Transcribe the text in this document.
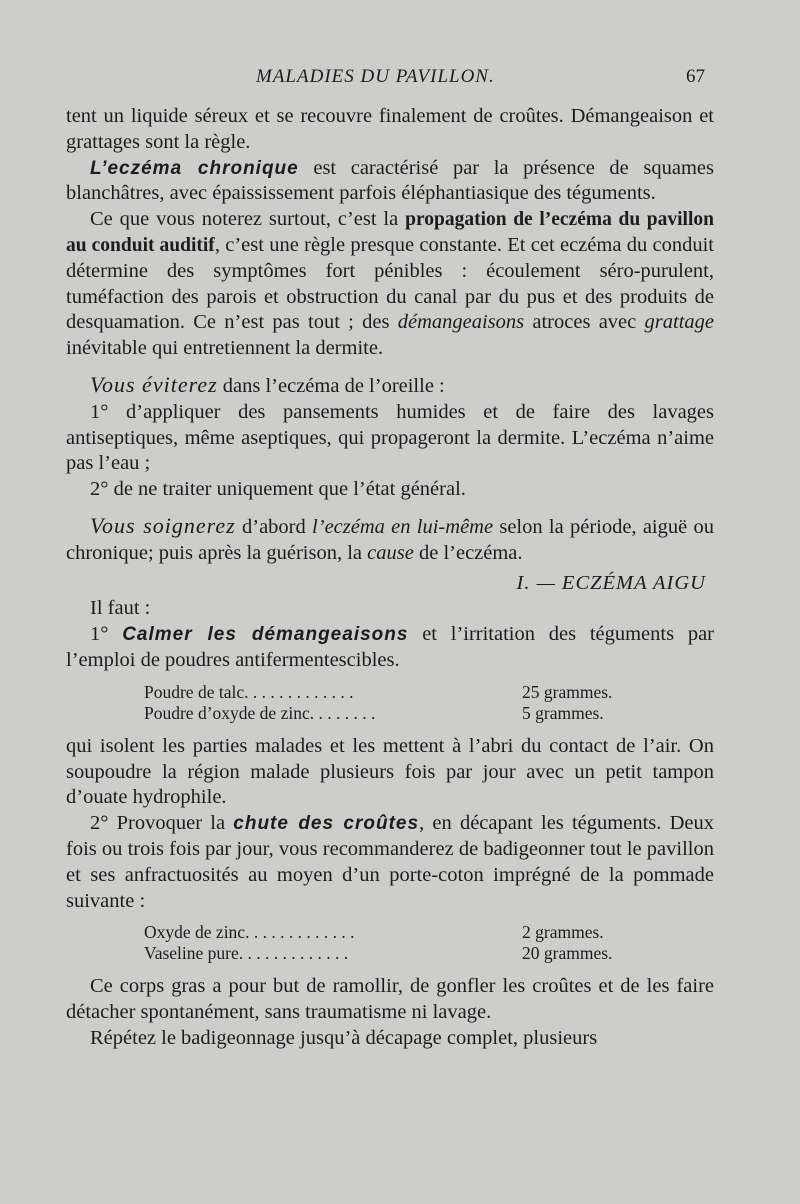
MALADIES DU PAVILLON.	67

tent un liquide séreux et se recouvre finalement de croûtes. Démangeaison et grattages sont la règle.

L’eczéma chronique est caractérisé par la présence de squames blanchâtres, avec épaississement parfois éléphantiasique des téguments.

Ce que vous noterez surtout, c’est la propagation de l’eczéma du pavillon au conduit auditif, c’est une règle presque constante. Et cet eczéma du conduit détermine des symptômes fort pénibles : écoulement séro-purulent, tuméfaction des parois et obstruction du canal par du pus et des produits de desquamation. Ce n’est pas tout ; des démangeaisons atroces avec grattage inévitable qui entretiennent la dermite.

Vous éviterez dans l’eczéma de l’oreille :

1° d’appliquer des pansements humides et de faire des lavages antiseptiques, même aseptiques, qui propageront la dermite. L’eczéma n’aime pas l’eau ;

2° de ne traiter uniquement que l’état général.

Vous soignerez d’abord l’eczéma en lui-même selon la période, aiguë ou chronique; puis après la guérison, la cause de l’eczéma.

I. — ECZÉMA AIGU

Il faut :

1° Calmer les démangeaisons et l’irritation des téguments par l’emploi de poudres antifermentescibles.

Poudre de talc. . . . . . . . . . . . .	25 grammes.
Poudre d’oxyde de zinc. . . . . . . .	5 grammes.

qui isolent les parties malades et les mettent à l’abri du contact de l’air. On soupoudre la région malade plusieurs fois par jour avec un petit tampon d’ouate hydrophile.

2° Provoquer la chute des croûtes, en décapant les téguments. Deux fois ou trois fois par jour, vous recommanderez de badigeonner tout le pavillon et ses anfractuosités au moyen d’un porte-coton imprégné de la pommade suivante :

Oxyde de zinc. . . . . . . . . . . . .	2 grammes.
Vaseline pure. . . . . . . . . . . . .	20 grammes.

Ce corps gras a pour but de ramollir, de gonfler les croûtes et de les faire détacher spontanément, sans traumatisme ni lavage.

Répétez le badigeonnage jusqu’à décapage complet, plusieurs
